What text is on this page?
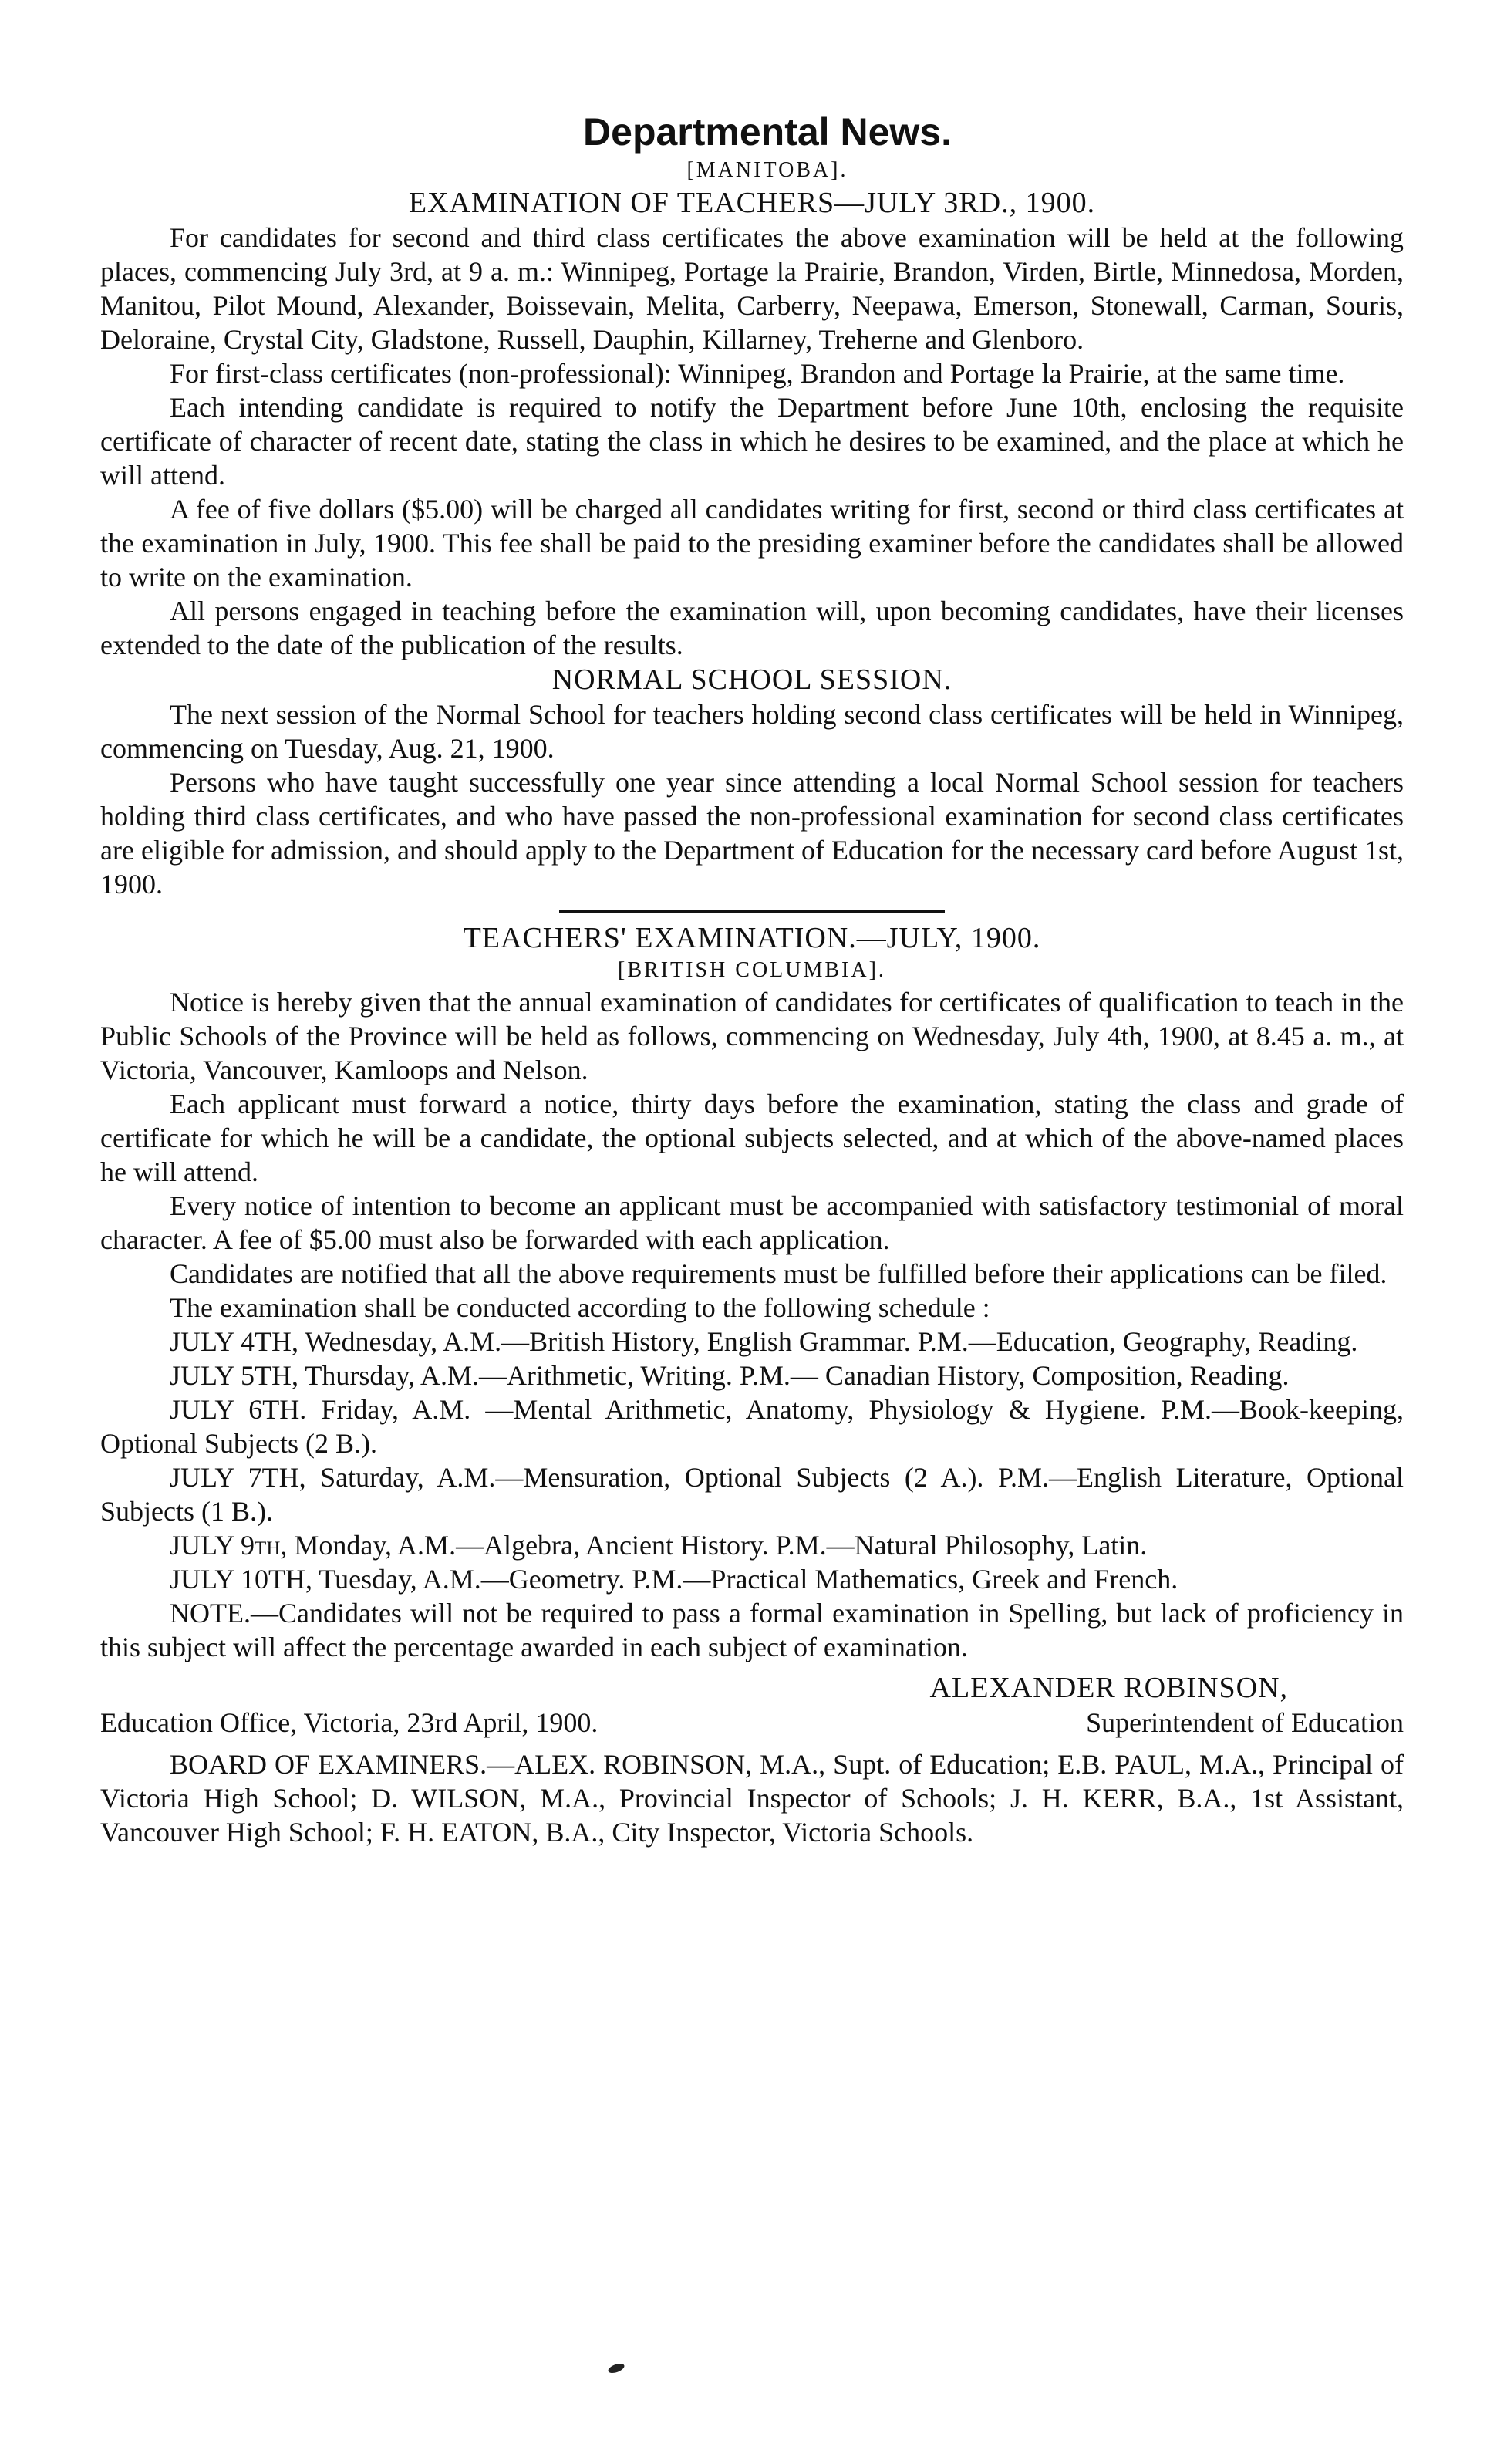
Departmental News.

[MANITOBA].

EXAMINATION OF TEACHERS—JULY 3RD., 1900.

For candidates for second and third class certificates the above examination will be held at the following places, commencing July 3rd, at 9 a. m.: Winnipeg, Portage la Prairie, Brandon, Virden, Birtle, Minnedosa, Morden, Manitou, Pilot Mound, Alexander, Boissevain, Melita, Carberry, Neepawa, Emerson, Stonewall, Carman, Souris, Deloraine, Crystal City, Gladstone, Russell, Dauphin, Killarney, Treherne and Glenboro.

For first-class certificates (non-professional): Winnipeg, Brandon and Portage la Prairie, at the same time.

Each intending candidate is required to notify the Department before June 10th, enclosing the requisite certificate of character of recent date, stating the class in which he desires to be examined, and the place at which he will attend.

A fee of five dollars ($5.00) will be charged all candidates writing for first, second or third class certificates at the examination in July, 1900. This fee shall be paid to the presiding examiner before the candidates shall be allowed to write on the examination.

All persons engaged in teaching before the examination will, upon becoming candidates, have their licenses extended to the date of the publication of the results.

NORMAL SCHOOL SESSION.

The next session of the Normal School for teachers holding second class certificates will be held in Winnipeg, commencing on Tuesday, Aug. 21, 1900.

Persons who have taught successfully one year since attending a local Normal School session for teachers holding third class certificates, and who have passed the non-professional examination for second class certificates are eligible for admission, and should apply to the Department of Education for the necessary card before August 1st, 1900.

TEACHERS' EXAMINATION.—JULY, 1900.

[BRITISH COLUMBIA].

Notice is hereby given that the annual examination of candidates for certificates of qualification to teach in the Public Schools of the Province will be held as follows, commencing on Wednesday, July 4th, 1900, at 8.45 a. m., at Victoria, Vancouver, Kamloops and Nelson.

Each applicant must forward a notice, thirty days before the examination, stating the class and grade of certificate for which he will be a candidate, the optional subjects selected, and at which of the above-named places he will attend.

Every notice of intention to become an applicant must be accompanied with satisfactory testimonial of moral character. A fee of $5.00 must also be forwarded with each application.

Candidates are notified that all the above requirements must be fulfilled before their applications can be filed.

The examination shall be conducted according to the following schedule :

JULY 4TH, Wednesday, A.M.—British History, English Grammar. P.M.—Education, Geography, Reading.

JULY 5TH, Thursday, A.M.—Arithmetic, Writing. P.M.— Canadian History, Composition, Reading.

JULY 6TH. Friday, A.M. —Mental Arithmetic, Anatomy, Physiology & Hygiene. P.M.—Book-keeping, Optional Subjects (2 B.).

JULY 7TH, Saturday, A.M.—Mensuration, Optional Subjects (2 A.). P.M.—English Literature, Optional Subjects (1 B.).

JULY 9th, Monday, A.M.—Algebra, Ancient History. P.M.—Natural Philosophy, Latin.

JULY 10TH, Tuesday, A.M.—Geometry. P.M.—Practical Mathematics, Greek and French.

NOTE.—Candidates will not be required to pass a formal examination in Spelling, but lack of proficiency in this subject will affect the percentage awarded in each subject of examination.

ALEXANDER ROBINSON,

Education Office, Victoria, 23rd April, 1900.	Superintendent of Education

BOARD OF EXAMINERS.—ALEX. ROBINSON, M.A., Supt. of Education; E.B. PAUL, M.A., Principal of Victoria High School; D. WILSON, M.A., Provincial Inspector of Schools; J. H. KERR, B.A., 1st Assistant, Vancouver High School; F. H. EATON, B.A., City Inspector, Victoria Schools.
